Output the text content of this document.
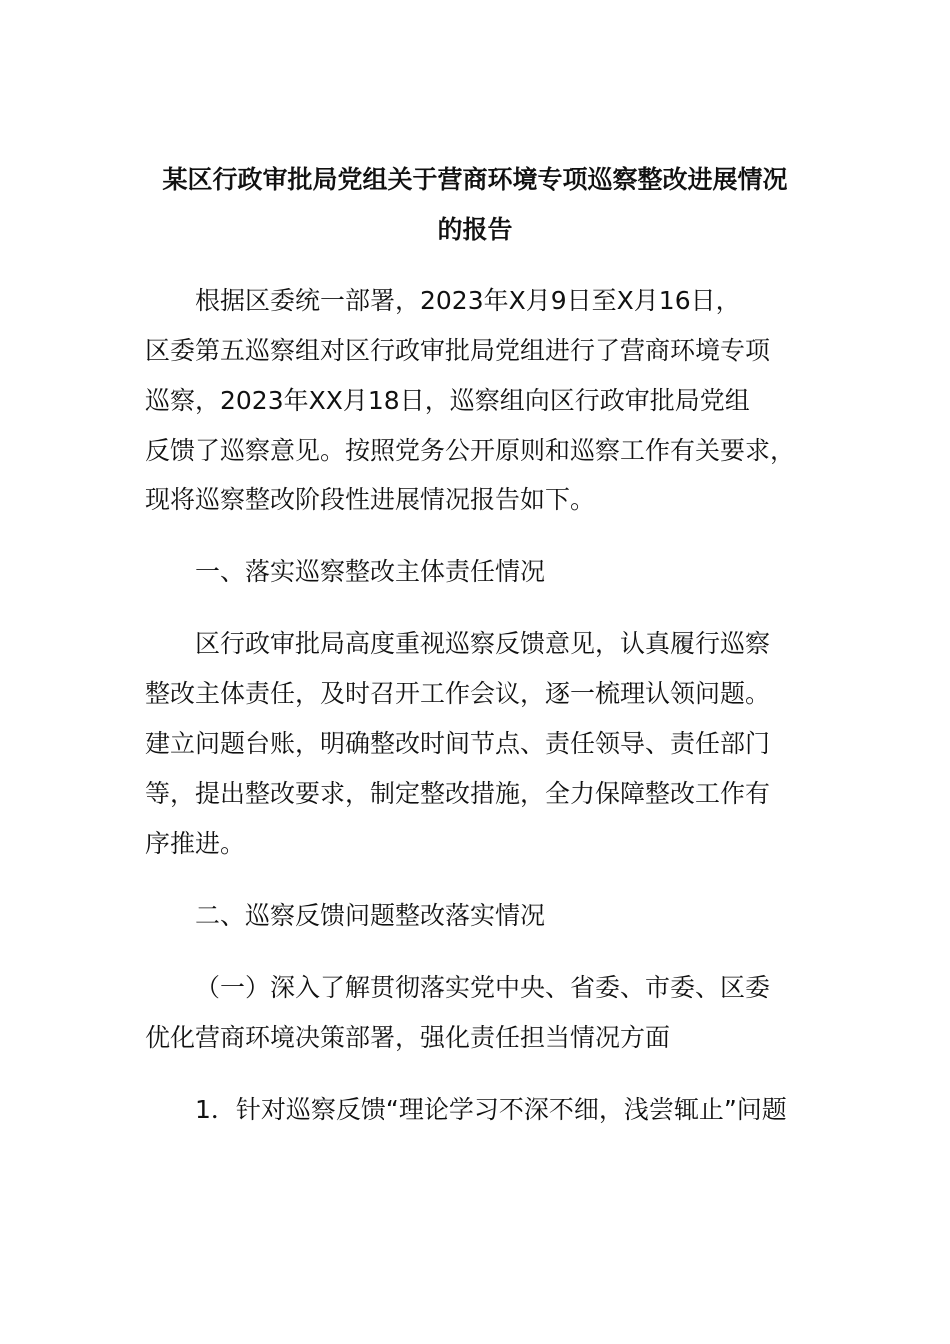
某区行政审批局党组关于营商环境专项巡察整改进展情况
的报告
根据区委统一部署，2023年X月9日至X月16日，
区委第五巡察组对区行政审批局党组进行了营商环境专项
巡察，2023年XX月18日，巡察组向区行政审批局党组
反馈了巡察意见。按照党务公开原则和巡察工作有关要求，
现将巡察整改阶段性进展情况报告如下。
一、落实巡察整改主体责任情况
区行政审批局高度重视巡察反馈意见，认真履行巡察
整改主体责任，及时召开工作会议，逐一梳理认领问题。
建立问题台账，明确整改时间节点、责任领导、责任部门
等，提出整改要求，制定整改措施，全力保障整改工作有
序推进。
二、巡察反馈问题整改落实情况
（一）深入了解贯彻落实党中央、省委、市委、区委
优化营商环境决策部署，强化责任担当情况方面
1．针对巡察反馈“理论学习不深不细，浅尝辄止”问题
